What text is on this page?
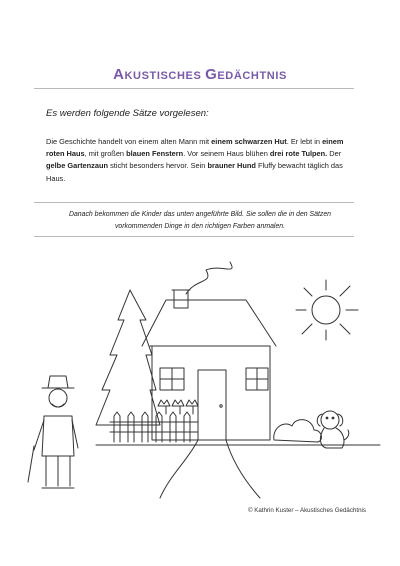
AKUSTISCHES GEDÄCHTNIS
Es werden folgende Sätze vorgelesen:
Die Geschichte handelt von einem alten Mann mit einem schwarzen Hut. Er lebt in einem roten Haus, mit großen blauen Fenstern. Vor seinem Haus blühen drei rote Tulpen. Der gelbe Gartenzaun sticht besonders hervor. Sein brauner Hund Fluffy bewacht täglich das Haus.
Danach bekommen die Kinder das unten angeführte Bild. Sie sollen die in den Sätzen vorkommenden Dinge in den richtigen Farben anmalen.
© Kathrin Kuster – Akustisches Gedächtnis
